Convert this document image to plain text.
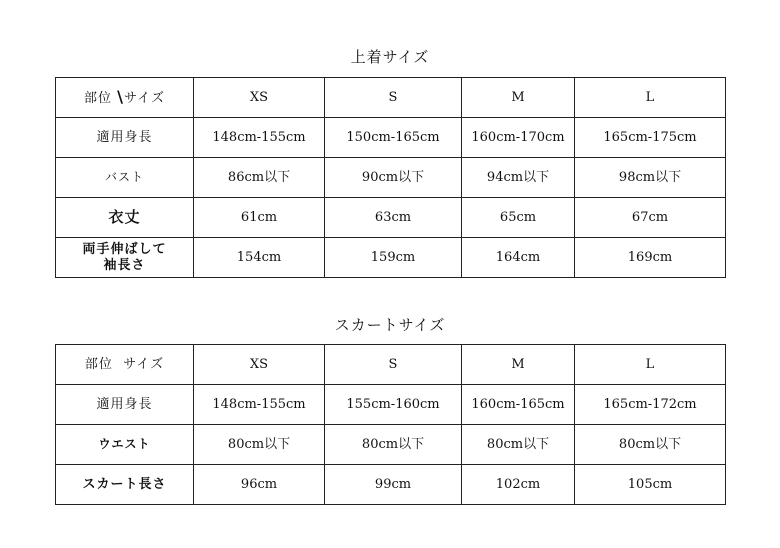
上着サイズ
部位 \サイズ	XS	S	M	L
適用身長	148cm-155cm	150cm-165cm	160cm-170cm	165cm-175cm
バスト	86cm以下	90cm以下	94cm以下	98cm以下
衣丈	61cm	63cm	65cm	67cm

両手伸ばして
袖長さ	154cm	159cm	164cm	169cm
スカートサイズ
部位 サイズ	XS	S	M	L
適用身長	148cm-155cm	155cm-160cm	160cm-165cm	165cm-172cm
ウエスト	80cm以下	80cm以下	80cm以下	80cm以下
スカート長さ	96cm	99cm	102cm	105cm
